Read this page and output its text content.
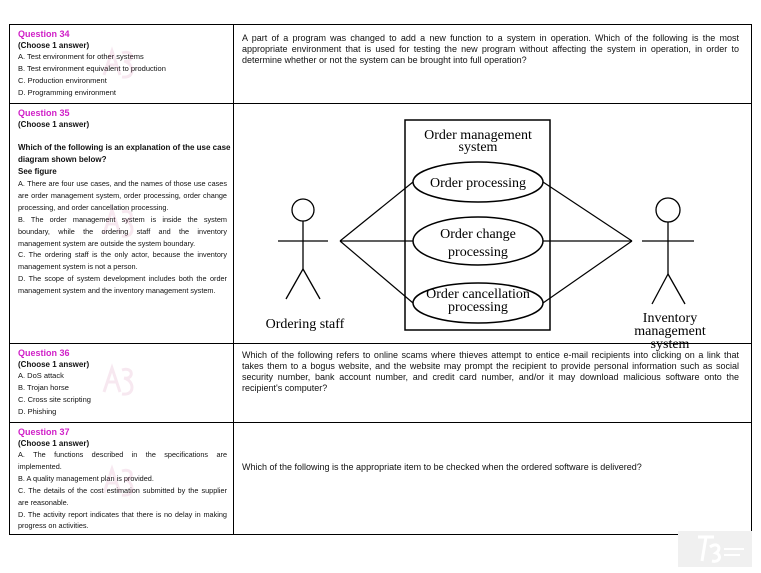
Question 34
(Choose 1 answer)
A. Test environment for other systems
B. Test environment equivalent to production
C. Production environment
D. Programming environment
A part of a program was changed to add a new function to a system in operation. Which of the following is the most appropriate environment that is used for testing the new program without affecting the system in operation, in order to determine whether or not the system can be brought into full operation?
Question 35
(Choose 1 answer)
Which of the following is an explanation of the use case diagram shown below?
See figure
A. There are four use cases, and the names of those use cases are order management system, order processing, order change processing, and order cancellation processing.
B. The order management system is inside the system boundary, while the ordering staff and the inventory management system are outside the system boundary.
C. The ordering staff is the only actor, because the inventory management system is not a person.
D. The scope of system development includes both the order management system and the inventory management system.
Order management
system
Order processing
Order change
processing
Order cancellation
processing
Ordering staff	Inventory
management
system
Question 36
(Choose 1 answer)
A. DoS attack
B. Trojan horse
C. Cross site scripting
D. Phishing
Which of the following refers to online scams where thieves attempt to entice e-mail recipients into clicking on a link that takes them to a bogus website, and the website may prompt the recipient to provide personal information such as social security number, bank account number, and credit card number, and/or it may download malicious software onto the recipient's computer?
Question 37
(Choose 1 answer)
A. The functions described in the specifications are implemented.
B. A quality management plan is provided.
C. The details of the cost estimation submitted by the supplier are reasonable.
D. The activity report indicates that there is no delay in making progress on activities.
Which of the following is the appropriate item to be checked when the ordered software is delivered?
